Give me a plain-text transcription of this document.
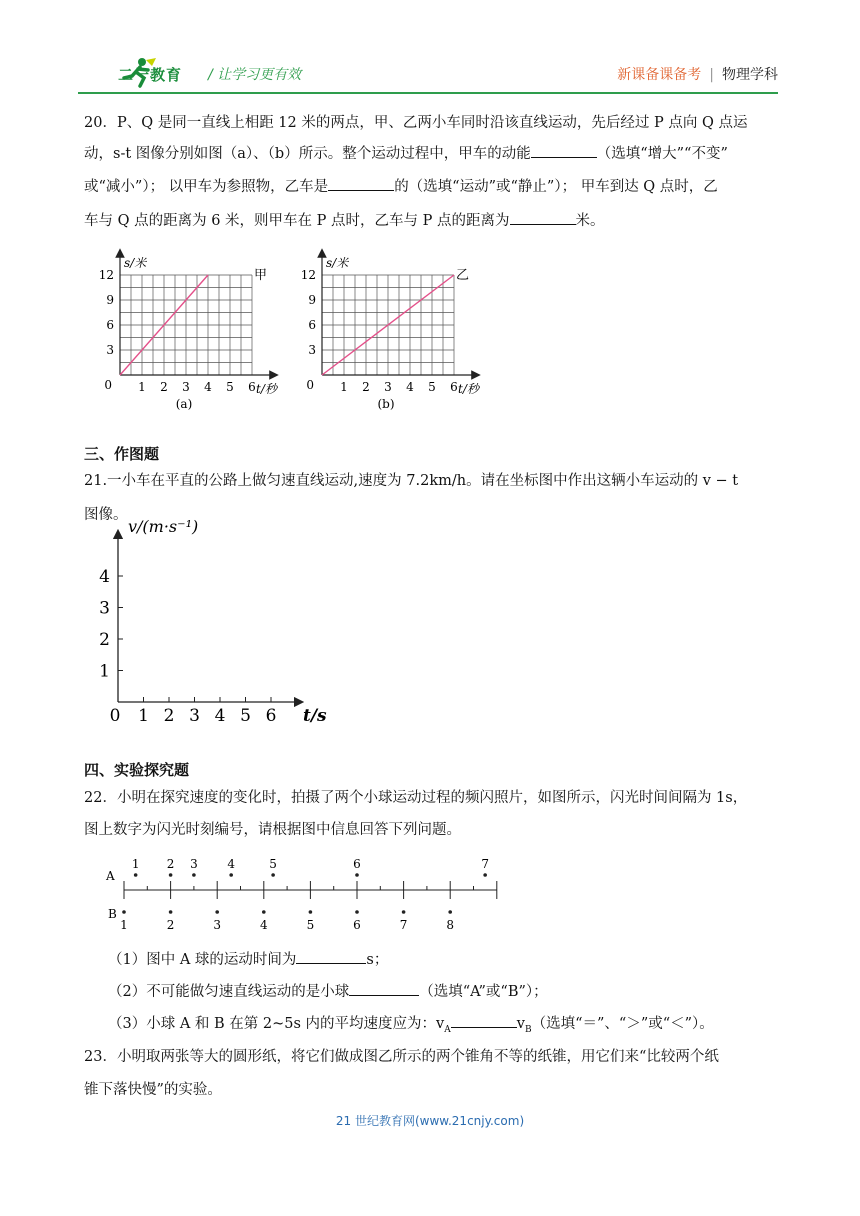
二一教育 / 让学习更有效	新课备课备考 | 物理学科
20．P、Q 是同一直线上相距 12 米的两点，甲、乙两小车同时沿该直线运动，先后经过 P 点向 Q 点运
动，s-t 图像分别如图（a）、（b）所示。整个运动过程中，甲车的动能	（选填“增大”“不变”
或“减小”）； 以甲车为参照物，乙车是	的（选填“运动”或“静止”）； 甲车到达 Q 点时，乙
车与 Q 点的距离为 6 米，则甲车在 P 点时，乙车与 P 点的距离为	米。
3
6
9
12
1 2 3 4 5 6
0
s/米
t/秒
甲
(a)
3
6
9
12
1 2 3 4 5 6
0
s/米
t/秒
乙
(b)
三、作图题
21.一小车在平直的公路上做匀速直线运动,速度为 7.2km/h。请在坐标图中作出这辆小车运动的 v − t
图像。
1
2
3
4
1 2 3 4 5 6
0
v/(m·s⁻¹)
t/s
四、实验探究题
22．小明在探究速度的变化时，拍摄了两个小球运动过程的频闪照片，如图所示，闪光时间间隔为 1s，
图上数字为闪光时刻编号，请根据图中信息回答下列问题。
A
B
1 2 3 4	5	6	7
1	2	3	4	5	6	7	8
（1）图中 A 球的运动时间为	s；
（2）不可能做匀速直线运动的是小球	（选填“A”或“B”）；
（3）小球 A 和 B 在第 2~5s 内的平均速度应为：$v_A$	$v_B$（选填“＝”、“＞”或“＜”）。
23．小明取两张等大的圆形纸，将它们做成图乙所示的两个锥角不等的纸锥，用它们来“比较两个纸
锥下落快慢”的实验。
21 世纪教育网(www.21cnjy.com)
